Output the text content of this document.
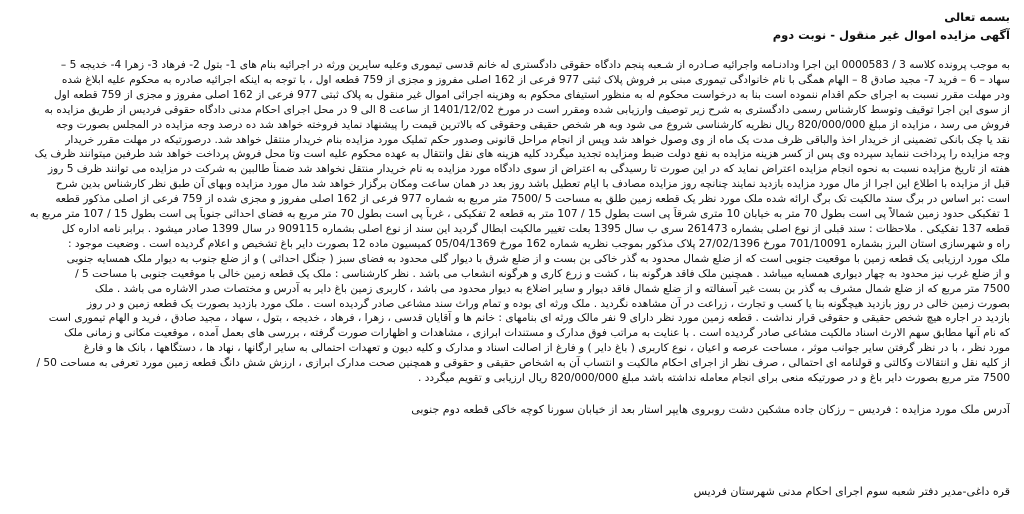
بسمه تعالی
آگهی مزایده اموال غیر منقول - نوبت دوم
به موجب پرونده کلاسه 3 / 0000583 این اجرا ودادنـامه واجرائیه صـادره از شـعبه پنجم دادگاه حقوقی دادگستری له خانم قدسی تیموری وعلیه سایرین ورثه در اجرائیه بنام های 1- بتول 2- فرهاد 3- زهرا 4- خدیجه 5 –
سهاد – 6 – فرید 7- مجید صادق 8 – الهام همگی با نام خانوادگی تیموری مبنی بر فروش پلاک ثبتی 977 فرعی از 162 اصلی مفروز و مجزی از 759 قطعه اول ، با توجه به اینکه اجرائیه صادره به محکوم علیه ابلاغ شده
ودر مهلت مقرر نسبت به اجرای حکم اقدام ننموده است بنا به درخواست محکوم له به منظور استیفای محکوم به وهزینه اجرائی اموال غیر منقول به پلاک ثبتی 977 فرعی از 162 اصلی مفروز و مجزی از 759 قطعه اول
از سوی این اجرا توقیف وتوسط کارشناس رسمی دادگستری به شرح زیر توصیف وارزیابی شده ومقرر است در مورخ 1401/12/02 از ساعت 8 الی 9 در محل اجرای احکام مدنی دادگاه حقوقی فردیس از طریق مزایده به
فروش می رسد ، مزایده از مبلغ 820/000/000 ریال نظریه کارشناسی شروع می شود وبه هر شخص حقیقی وحقوقی که بالاترین قیمت را پیشنهاد نماید فروخته خواهد شد ده درصد وجه مزایده در المجلس بصورت وجه
نقد یا چک بانکی تضمینی از خریدار اخذ والباقی ظرف مدت یک ماه از وی وصول خواهد شد وپس از انجام مراحل قانونی وصدور حکم تملیک مورد مزایده بنام خریدار منتقل خواهد شد. درصورتیکه در مهلت مقرر خریدار
وجه مزایده را پرداخت ننماید سپرده وی پس از کسر هزینه مزایده به نفع دولت ضبط ومزایده تجدید میگردد کلیه هزینه های نقل وانتقال به عهده محکوم علیه است وتا محل فروش پرداخت خواهد شد طرفین میتوانند ظرف یک
هفته از تاریخ مزایده نسبت به نحوه انجام مزایده اعتراض نماید که در این صورت تا رسیدگی به اعتراض از سوی دادگاه مورد مزایده به نام خریدار منتقل نخواهد شد ضمناً طالبین به شرکت در مزایده می توانند ظرف 5 روز
قبل از مزایده با اطلاع این اجرا از مال مورد مزایده بازدید نمایند چنانچه روز مزایده مصادف با ایام تعطیل باشد روز بعد در همان ساعت ومکان برگزار خواهد شد مال مورد مزایده وبهای آن طبق نظر کارشناس بدین شرح
است :بر اساس در برگ سند مالکیت تک برگ ارائه شده ملک مورد نظر یک قطعه زمین طلق به مساحت 5 /7500 متر مربع به شماره 977 فرعی از 162 اصلی مفروز و مجزی شده از 759 فرعی از اصلی مذکور قطعه
1 تفکیکی حدود زمین شمالاً پی است بطول 70 متر به خیابان 10 متری شرقاً پی است بطول 15 / 107 متر به قطعه 2 تفکیکی ، غرباً پی است بطول 70 متر مربع به فضای احداثی جنوباً پی است بطول 15 / 107 متر مربع به
قطعه 137 تفکیکی . ملاحظات : سند قبلی از نوع اصلی بشماره 261473 سری ب سال 1395 بعلت تغییر مالکیت ابطال گردید این سند از نوع اصلی بشماره 909115 در سال 1399 صادر میشود . برابر نامه اداره کل
راه و شهرسازی استان البرز بشماره 701/10091 مورخ 27/02/1396 پلاک مذکور بموجب نظریه شماره 162 مورخ 05/04/1369 کمیسیون ماده 12 بصورت دایر باغ تشخیص و اعلام گردیده است . وضعیت موجود :
ملک مورد ارزیابی یک قطعه زمین با موقعیت جنوبی است که از ضلع شمال محدود به گذر خاکی بن بست و از ضلع شرق با دیوار گلی محدود به فضای سبز ( جنگل احداثی ) و از ضلع جنوب به دیوار ملک همسایه جنوبی
و از ضلع غرب نیز محدود به چهار دیواری همسایه میباشد . همچنین ملک فاقد هرگونه بنا ، کشت و زرع کاری و هرگونه انشعاب می باشد . نظر کارشناسی : ملک یک قطعه زمین خالی با موقعیت جنوبی با مساحت 5 /
7500 متر مربع که از ضلع شمال مشرف به گذر بن بست غیر آسفالته و از ضلع شمال فاقد دیوار و سایر اضلاع به دیوار محدود می باشد ، کاربری زمین باغ دایر به آدرس و مختصات صدر الاشاره می باشد . ملک
بصورت زمین خالی در روز بازدید هیچگونه بنا یا کسب و تجارت ، زراعت در آن مشاهده نگردید . ملک ورثه ای بوده و تمام وراث سند مشاعی صادر گردیده است . ملک مورد بازدید بصورت یک قطعه زمین و در روز
بازدید در اجاره هیچ شخص حقیقی و حقوقی قرار نداشت . قطعه زمین مورد نظر دارای 9 نفر مالک ورثه ای بنامهای : خانم ها و آقایان قدسی ، زهرا ، فرهاد ، خدیجه ، بتول ، سهاد ، مجید صادق ، فرید و الهام تیموری است
که نام آنها مطابق سهم الارث اسناد مالکیت مشاعی صادر گردیده است . با عنایت به مراتب فوق مدارک و مستندات ابرازی ، مشاهدات و اظهارات صورت گرفته ، بررسی های بعمل آمده ، موقعیت مکانی و زمانی ملک
مورد نظر ، با در نظر گرفتن سایر جوانب موثر ، مساحت عرصه و اعیان ، نوع کاربری ( باغ دایر ) و فارغ از اصالت اسناد و مدارک و کلیه دیون و تعهدات احتمالی به سایر ارگانها ، نهاد ها ، دستگاهها ، بانک ها و فارغ
از کلیه نقل و انتقالات وکالتی و قولنامه ای احتمالی ، صرف نظر از اجرای احکام مالکیت و انتساب آن به اشخاص حقیقی و حقوقی و همچنین صحت مدارک ابرازی ، ارزش شش دانگ قطعه زمین مورد تعرفی به مساحت 50 /
7500 متر مربع بصورت دایر باغ و در صورتیکه منعی برای انجام معامله نداشته باشد مبلغ 820/000/000 ریال ارزیابی و تقویم میگردد .
آدرس ملک مورد مزایده : فردیس – رزکان جاده مشکین دشت روبروی هایپر استار بعد از خیابان سورنا کوچه خاکی قطعه دوم جنوبی
قره داغی-مدیر دفتر شعبه سوم اجرای احکام مدنی شهرستان فردیس
